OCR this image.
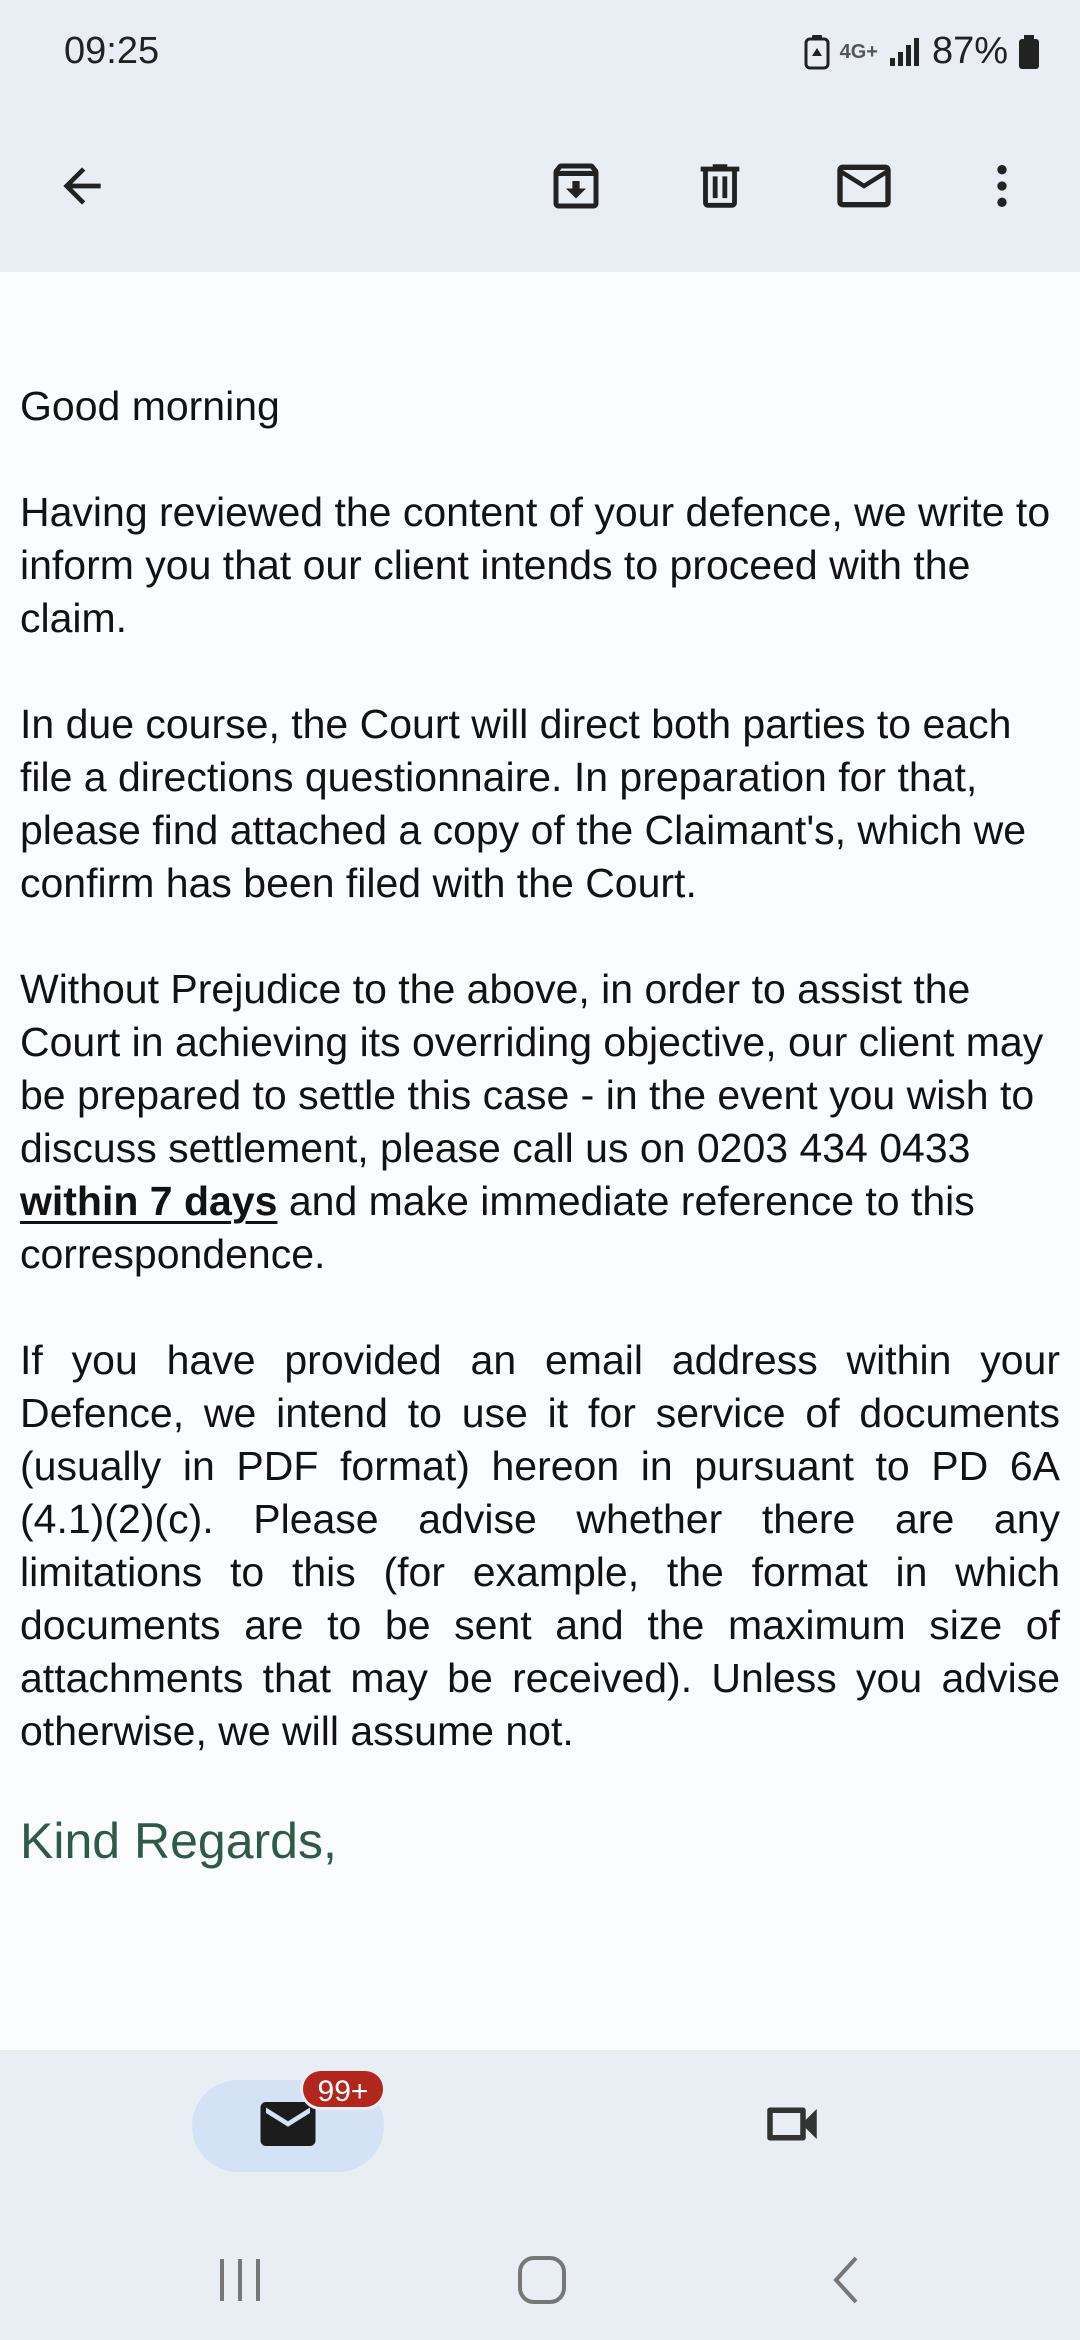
09:25	4G+ 87%

Good morning

Having reviewed the content of your defence, we write to inform you that our client intends to proceed with the claim.

In due course, the Court will direct both parties to each file a directions questionnaire. In preparation for that, please find attached a copy of the Claimant's, which we confirm has been filed with the Court.

Without Prejudice to the above, in order to assist the Court in achieving its overriding objective, our client may be prepared to settle this case - in the event you wish to discuss settlement, please call us on 0203 434 0433 within 7 days and make immediate reference to this correspondence.

If you have provided an email address within your Defence, we intend to use it for service of documents (usually in PDF format) hereon in pursuant to PD 6A (4.1)(2)(c). Please advise whether there are any limitations to this (for example, the format in which documents are to be sent and the maximum size of attachments that may be received). Unless you advise otherwise, we will assume not.

Kind Regards,

99+
